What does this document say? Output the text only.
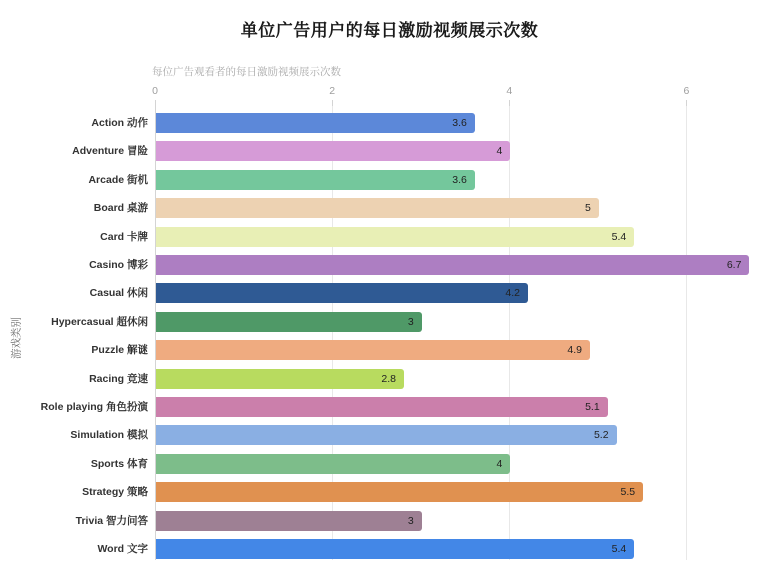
单位广告用户的每日激励视频展示次数
每位广告观看者的每日激励视频展示次数
游戏类别
0	2	4	6
Action 动作	3.6
Adventure 冒险	4
Arcade 街机	3.6
Board 桌游	5
Card 卡牌	5.4
Casino 博彩	6.7
Casual 休闲	4.2
Hypercasual 超休闲	3
Puzzle 解谜	4.9
Racing 竞速	2.8
Role playing 角色扮演	5.1
Simulation 模拟	5.2
Sports 体育	4
Strategy 策略	5.5
Trivia 智力问答	3
Word 文字	5.4
